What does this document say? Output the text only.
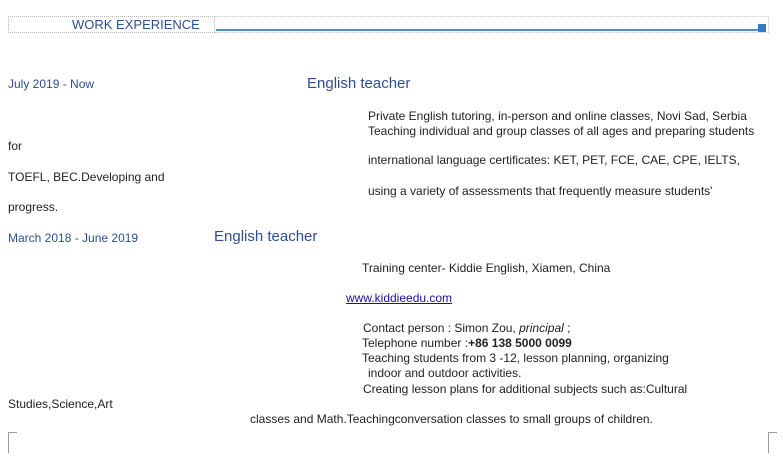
WORK EXPERIENCE
July 2019 - Now	English teacher
Private English tutoring, in-person and online classes, Novi Sad, Serbia
Teaching individual and group classes of all ages and preparing students
for
international language certificates: KET, PET, FCE, CAE, CPE, IELTS,
TOEFL, BEC.Developing and
using a variety of assessments that frequently measure students'
progress.
March 2018 - June 2019	English teacher
Training center- Kiddie English, Xiamen, China
www.kiddieedu.com
Contact person : Simon Zou, principal ;
Telephone number :+86 138 5000 0099
Teaching students from 3 -12, lesson planning, organizing
indoor and outdoor activities.
Creating lesson plans for additional subjects such as:Cultural
Studies,Science,Art
classes and Math.Teachingconversation classes to small groups of children.
